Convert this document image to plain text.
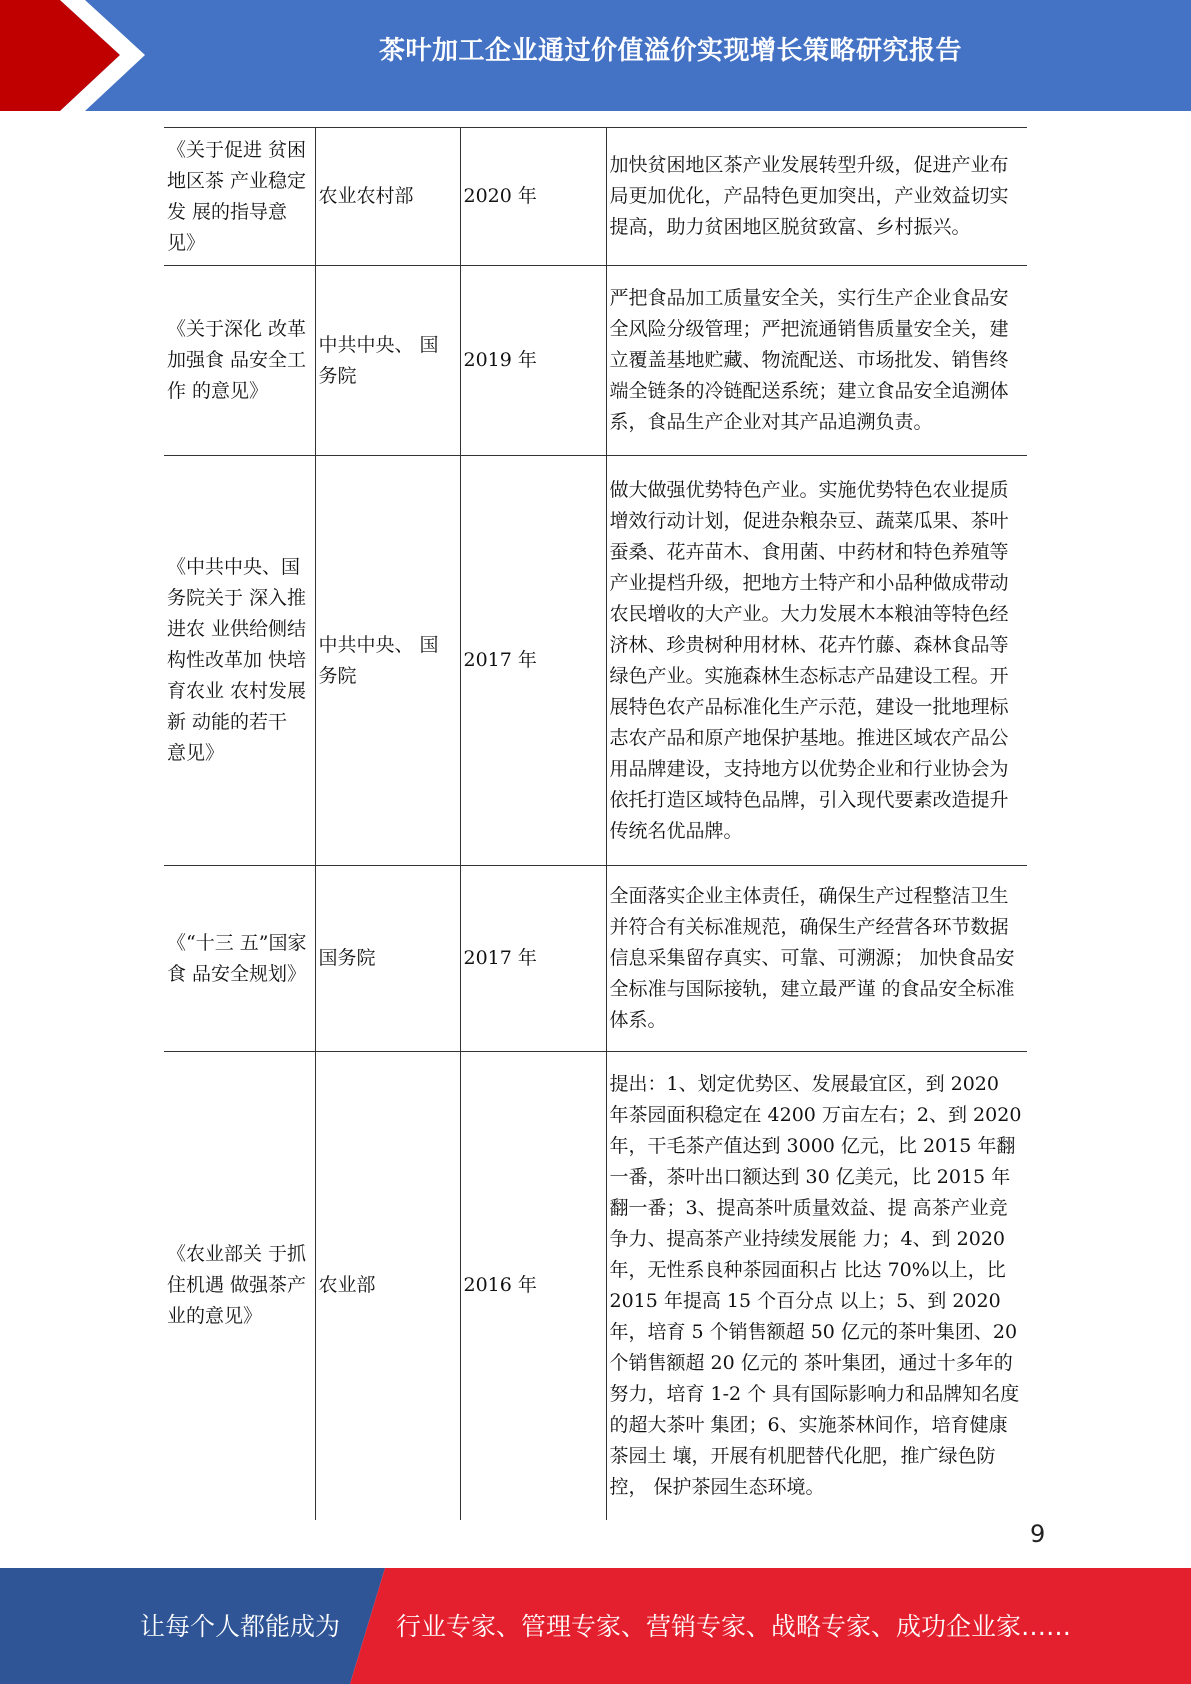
茶叶加工企业通过价值溢价实现增长策略研究报告
《关于促进 贫困地区茶 产业稳定发 展的指导意 见》	农业农村部	2020 年	加快贫困地区茶产业发展转型升级，促进产业布局更加优化，产品特色更加突出，产业效益切实提高，助力贫困地区脱贫致富、乡村振兴。
《关于深化 改革加强食 品安全工作 的意见》	中共中央、 国务院	2019 年	严把食品加工质量安全关，实行生产企业食品安全风险分级管理；严把流通销售质量安全关，建立覆盖基地贮藏、物流配送、市场批发、销售终端全链条的冷链配送系统；建立食品安全追溯体系，食品生产企业对其产品追溯负责。
《中共中央、国务院关于 深入推进农 业供给侧结 构性改革加 快培育农业 农村发展新 动能的若干 意见》	中共中央、 国务院	2017 年	做大做强优势特色产业。实施优势特色农业提质增效行动计划，促进杂粮杂豆、蔬菜瓜果、茶叶蚕桑、花卉苗木、食用菌、中药材和特色养殖等产业提档升级，把地方土特产和小品种做成带动农民增收的大产业。大力发展木本粮油等特色经济林、珍贵树种用材林、花卉竹藤、森林食品等绿色产业。实施森林生态标志产品建设工程。开展特色农产品标准化生产示范，建设一批地理标志农产品和原产地保护基地。推进区域农产品公用品牌建设，支持地方以优势企业和行业协会为依托打造区域特色品牌，引入现代要素改造提升传统名优品牌。
《“十三 五”国家食 品安全规划》	国务院	2017 年	全面落实企业主体责任，确保生产过程整洁卫生并符合有关标准规范，确保生产经营各环节数据信息采集留存真实、可靠、可溯源； 加快食品安全标准与国际接轨，建立最严谨 的食品安全标准体系。
《农业部关 于抓住机遇 做强茶产业的意见》	农业部	2016 年	提出：1、划定优势区、发展最宜区，到 2020 年茶园面积稳定在 4200 万亩左右；2、到 2020 年，干毛茶产值达到 3000 亿元，比 2015 年翻一番，茶叶出口额达到 30 亿美元，比 2015 年翻一番；3、提高茶叶质量效益、提 高茶产业竞争力、提高茶产业持续发展能 力；4、到 2020 年，无性系良种茶园面积占 比达 70%以上，比 2015 年提高 15 个百分点 以上；5、到 2020 年，培育 5 个销售额超 50 亿元的茶叶集团、20 个销售额超 20 亿元的 茶叶集团，通过十多年的努力，培育 1-2 个 具有国际影响力和品牌知名度的超大茶叶 集团；6、实施茶林间作，培育健康茶园土 壤，开展有机肥替代化肥，推广绿色防控， 保护茶园生态环境。
9
让每个人都能成为 行业专家、管理专家、营销专家、战略专家、成功企业家……
